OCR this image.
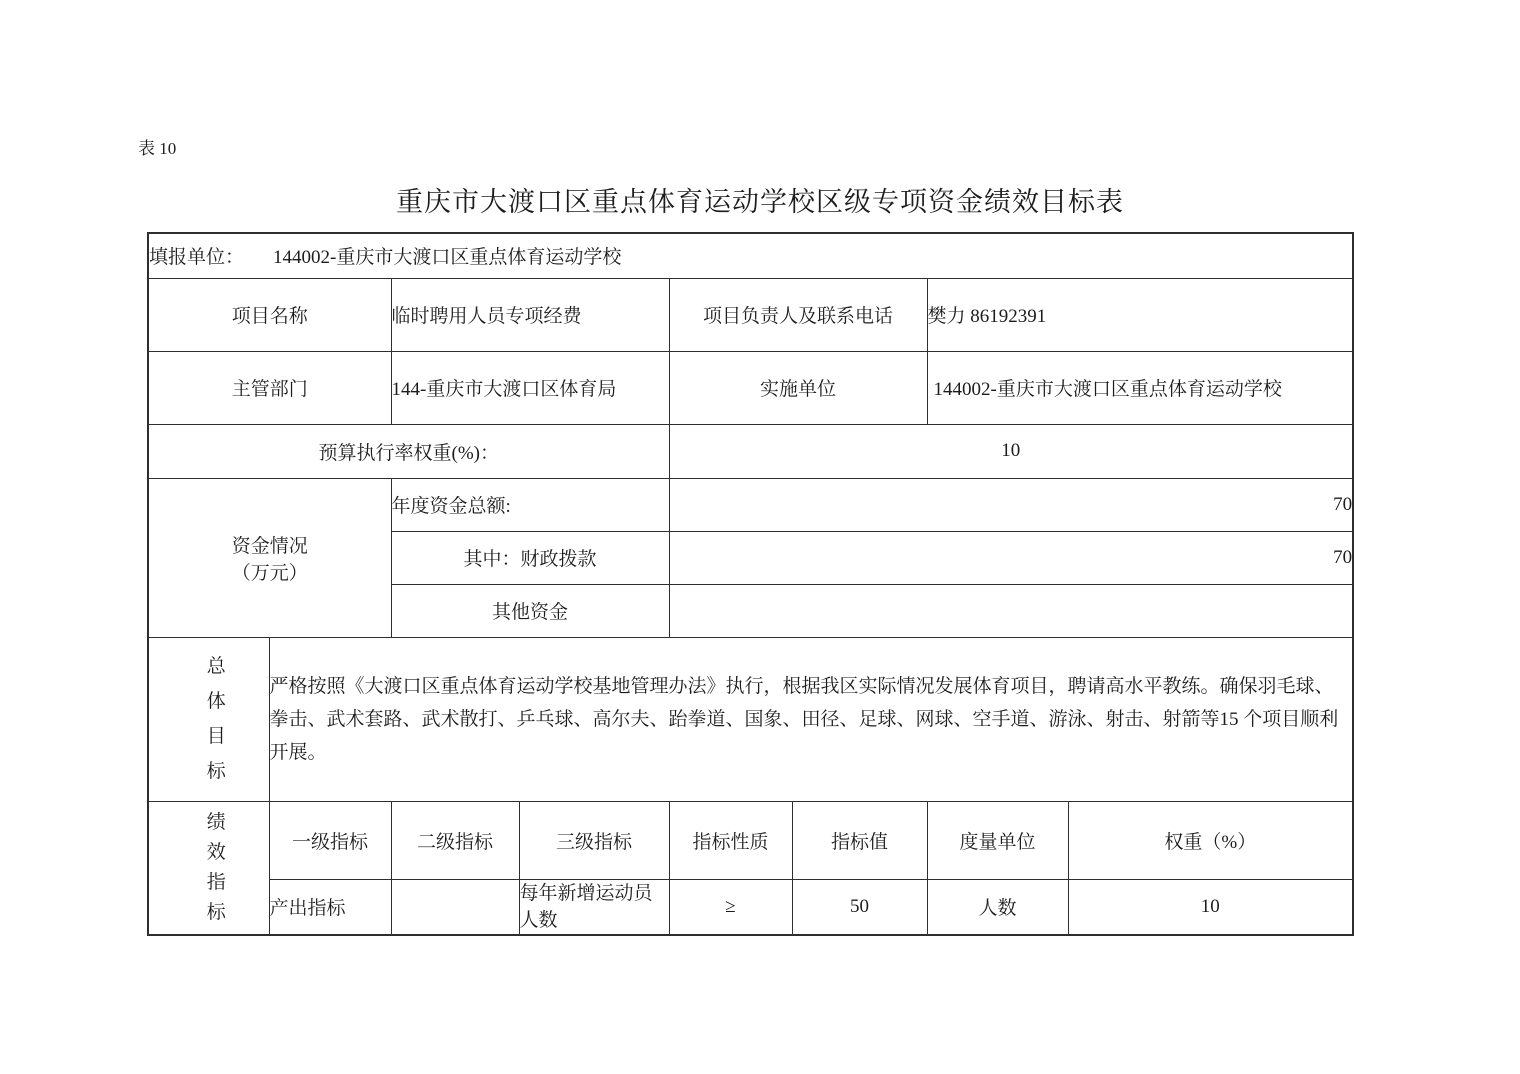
表 10
重庆市大渡口区重点体育运动学校区级专项资金绩效目标表
填报单位： 144002-重庆市大渡口区重点体育运动学校							
项目名称		临时聘用人员专项经费		项目负责人及联系电话		樊力 86192391	
主管部门		144-重庆市大渡口区体育局		实施单位		144002-重庆市大渡口区重点体育运动学校	
预算执行率权重(%)：				10			

资金情况
（万元）		年度资金总额:		70			
		其中：财政拨款		70			
		其他资金					

总体目标	严格按照《大渡口区重点体育运动学校基地管理办法》执行，根据我区实际情况发展体育项目，聘请高水平教练。确保羽毛球、拳击、武术套路、武术散打、乒乓球、高尔夫、跆拳道、国象、田径、足球、网球、空手道、游泳、射击、射箭等15 个项目顺利开展。						

绩效指标	一级指标	二级指标	三级指标	指标性质	指标值	度量单位	权重（%）
	产出指标		每年新增运动员人数	≥	50	人数	10
